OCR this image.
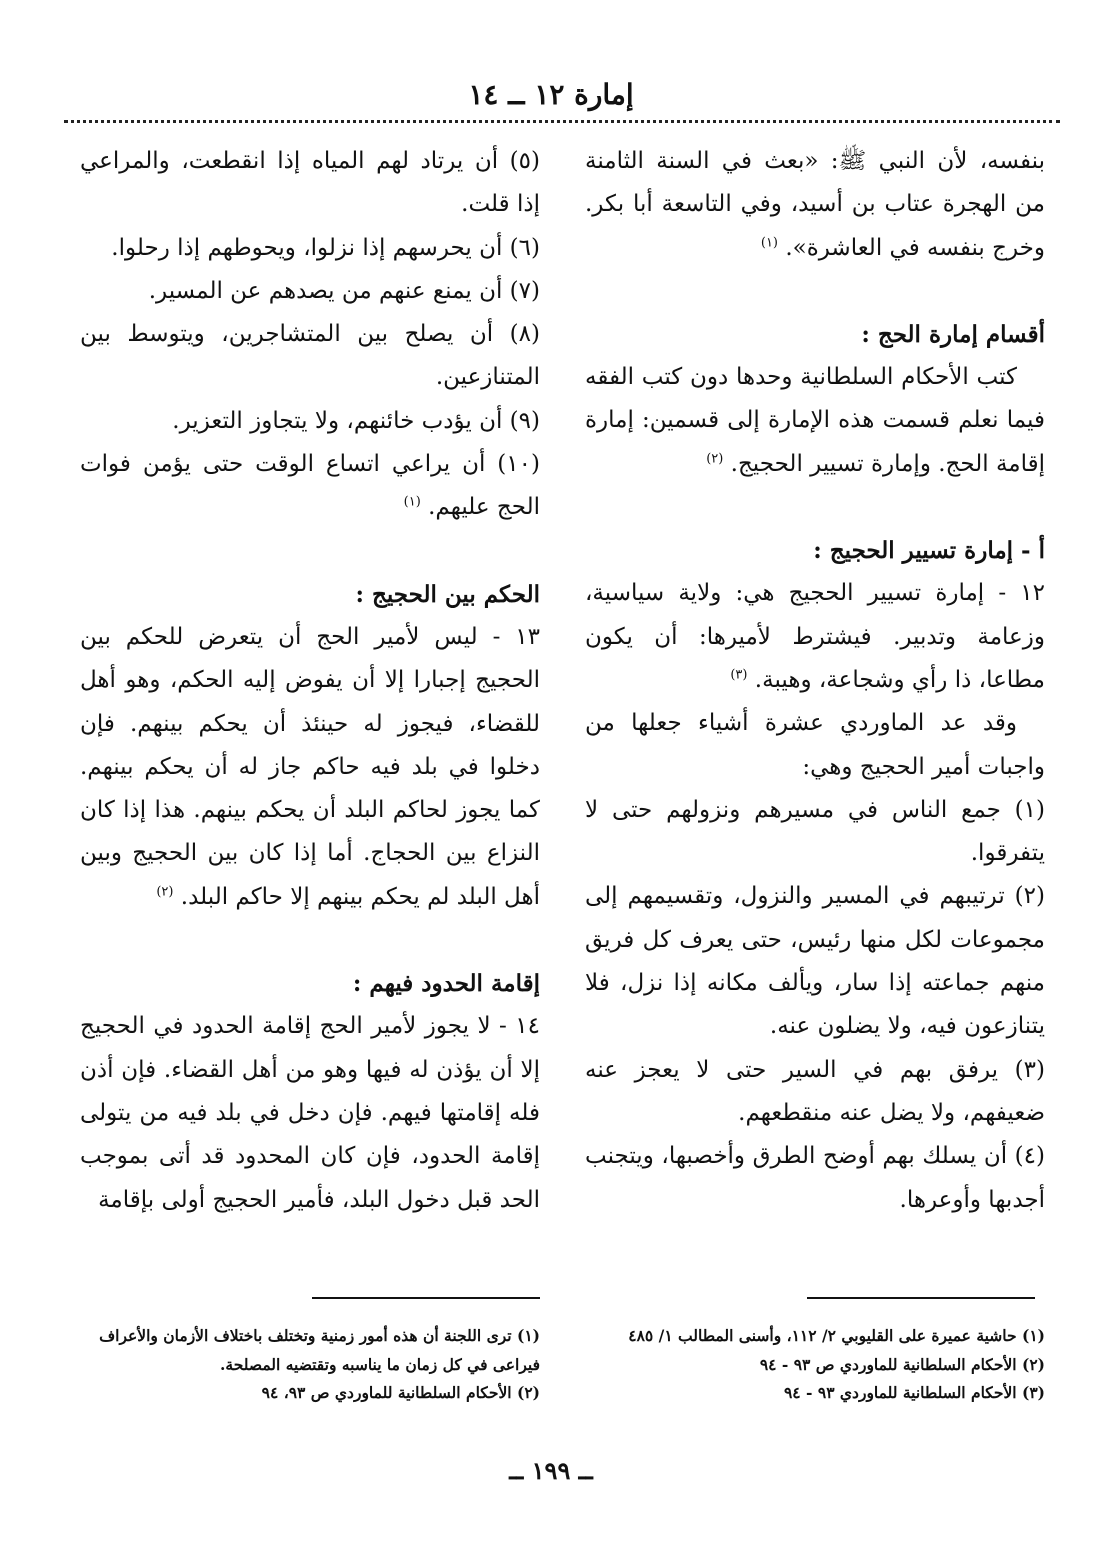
إمارة ١٢ ــ ١٤

بنفسه، لأن النبي ﷺ: «بعث في السنة الثامنة من الهجرة عتاب بن أسيد، وفي التاسعة أبا بكر. وخرج بنفسه في العاشرة». $^{(١)}$

أقسام إمارة الحج :

كتب الأحكام السلطانية وحدها دون كتب الفقه فيما نعلم قسمت هذه الإمارة إلى قسمين: إمارة إقامة الحج. وإمارة تسيير الحجيج. $^{(٢)}$

أ - إمارة تسيير الحجيج :

١٢ - إمارة تسيير الحجيج هي: ولاية سياسية، وزعامة وتدبير. فيشترط لأميرها: أن يكون مطاعا، ذا رأي وشجاعة، وهيبة. $^{(٣)}$

وقد عد الماوردي عشرة أشياء جعلها من واجبات أمير الحجيج وهي:

(١) جمع الناس في مسيرهم ونزولهم حتى لا يتفرقوا.

(٢) ترتيبهم في المسير والنزول، وتقسيمهم إلى مجموعات لكل منها رئيس، حتى يعرف كل فريق منهم جماعته إذا سار، ويألف مكانه إذا نزل، فلا يتنازعون فيه، ولا يضلون عنه.

(٣) يرفق بهم في السير حتى لا يعجز عنه ضعيفهم، ولا يضل عنه منقطعهم.

(٤) أن يسلك بهم أوضح الطرق وأخصبها، ويتجنب أجدبها وأوعرها.

(٥) أن يرتاد لهم المياه إذا انقطعت، والمراعي إذا قلت.

(٦) أن يحرسهم إذا نزلوا، ويحوطهم إذا رحلوا.

(٧) أن يمنع عنهم من يصدهم عن المسير.

(٨) أن يصلح بين المتشاجرين، ويتوسط بين المتنازعين.

(٩) أن يؤدب خائنهم، ولا يتجاوز التعزير.

(١٠) أن يراعي اتساع الوقت حتى يؤمن فوات الحج عليهم. $^{(١)}$

الحكم بين الحجيج :

١٣ - ليس لأمير الحج أن يتعرض للحكم بين الحجيج إجبارا إلا أن يفوض إليه الحكم، وهو أهل للقضاء، فيجوز له حينئذ أن يحكم بينهم. فإن دخلوا في بلد فيه حاكم جاز له أن يحكم بينهم. كما يجوز لحاكم البلد أن يحكم بينهم. هذا إذا كان النزاع بين الحجاج. أما إذا كان بين الحجيج وبين أهل البلد لم يحكم بينهم إلا حاكم البلد. $^{(٢)}$

إقامة الحدود فيهم :

١٤ - لا يجوز لأمير الحج إقامة الحدود في الحجيج إلا أن يؤذن له فيها وهو من أهل القضاء. فإن أذن فله إقامتها فيهم. فإن دخل في بلد فيه من يتولى إقامة الحدود، فإن كان المحدود قد أتى بموجب الحد قبل دخول البلد، فأمير الحجيج أولى بإقامة

(١) حاشية عميرة على القليوبي ٢/ ١١٢، وأسنى المطالب ١/ ٤٨٥

(٢) الأحكام السلطانية للماوردي ص ٩٣ - ٩٤

(٣) الأحكام السلطانية للماوردي ٩٣ - ٩٤

(١) ترى اللجنة أن هذه أمور زمنية وتختلف باختلاف الأزمان والأعراف فيراعى في كل زمان ما يناسبه وتقتضيه المصلحة.

(٢) الأحكام السلطانية للماوردي ص ٩٣، ٩٤

ــ ١٩٩ ــ
